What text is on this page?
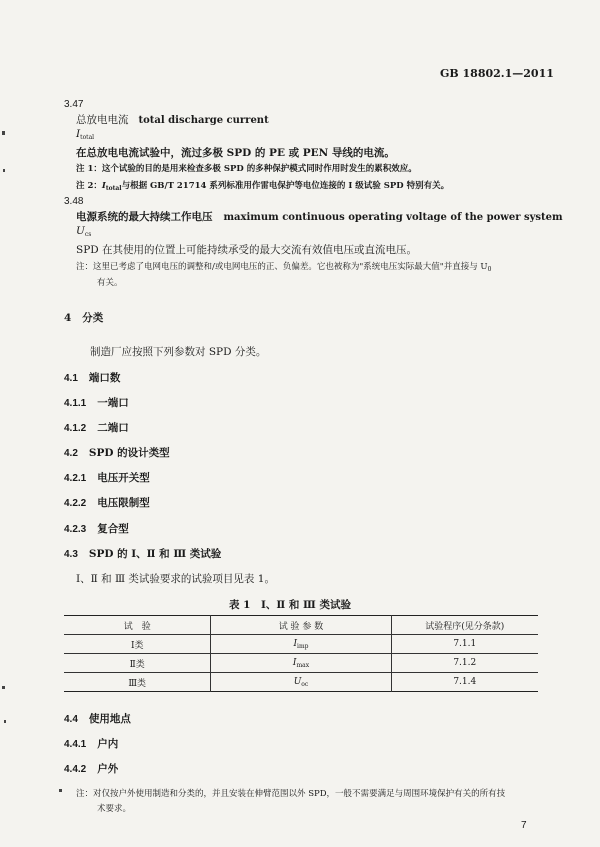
GB 18802.1—2011
3.47
总放电电流 total discharge current
$I_{total}$
在总放电电流试验中，流过多极 SPD 的 PE 或 PEN 导线的电流。
注 1：这个试验的目的是用来检查多极 SPD 的多种保护模式同时作用时发生的累积效应。
注 2：$I_{total}$与根据 GB/T 21714 系列标准用作雷电保护等电位连接的 Ⅰ 级试验 SPD 特别有关。
3.48
电源系统的最大持续工作电压 maximum continuous operating voltage of the power system
$U_{cs}$
SPD 在其使用的位置上可能持续承受的最大交流有效值电压或直流电压。
注：这里已考虑了电网电压的调整和/或电网电压的正、负偏差。它也被称为"系统电压实际最大值"并直接与 $U_0$
有关。
4 分类
制造厂应按照下列参数对 SPD 分类。
4.1 端口数
4.1.1 一端口
4.1.2 二端口
4.2 SPD 的设计类型
4.2.1 电压开关型
4.2.2 电压限制型
4.2.3 复合型
4.3 SPD 的 Ⅰ、Ⅱ 和 Ⅲ 类试验
Ⅰ、Ⅱ 和 Ⅲ 类试验要求的试验项目见表 1。
表 1　Ⅰ、Ⅱ 和 Ⅲ 类试验
试　验	试 验 参 数	试验程序(见分条款)
Ⅰ类	$I_{imp}$	7.1.1
Ⅱ类	$I_{max}$	7.1.2
Ⅲ类	$U_{oc}$	7.1.4
4.4 使用地点
4.4.1 户内
4.4.2 户外
注：对仅按户外使用制造和分类的，并且安装在伸臂范围以外 SPD，一般不需要满足与周围环境保护有关的所有技
术要求。
7
